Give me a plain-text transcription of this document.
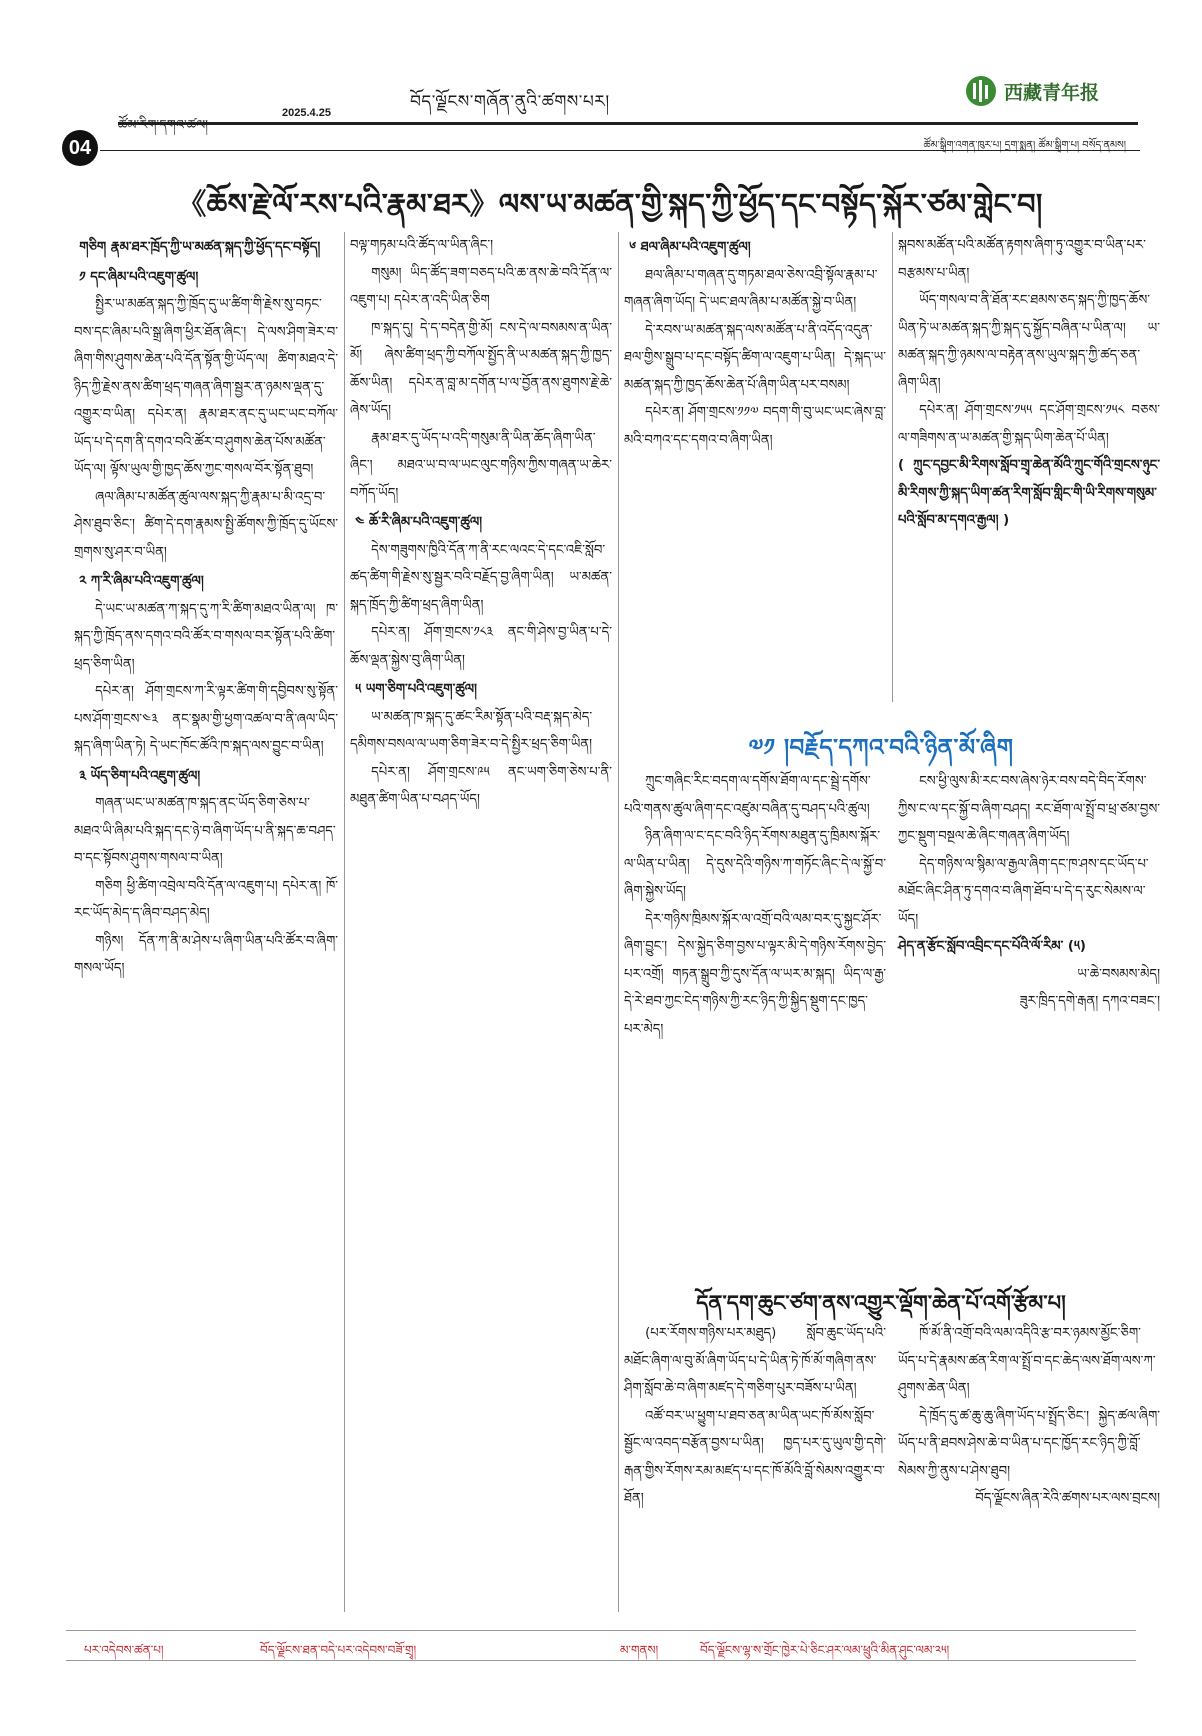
04
ཚོམ་རིག་དགའ་ཚལ།
2025.4.25
བོད་ལྗོངས་གཞོན་ནུའི་ཚགས་པར།	西藏青年报
ཚོམ་སྒྲིག་འགན་ཁུར་པ། དྲག་སྨན། ཚོམ་སྒྲིག་པ། བསོད་ནམས།
《ཆོས་རྗེ་ལོ་རས་པའི་རྣམ་ཐར》ལས་ཡ་མཚན་གྱི་སྐད་ཀྱི་ཕྱོད་དང་བསྟོད་སྐོར་ཙམ་གླེང་བ།

གཅིག རྣམ་ཐར་ཁྲོད་ཀྱི་ཡ་མཚན་སྐད་ཀྱི་ཕྱོད་དང་བསྟོད།

༡ དང་ཞིམ་པའི་འཇུག་ཚུལ།

སྤྱིར་ཡ་མཚན་སྐད་ཀྱི་ཁྲོད་དུ་ཡ་ཚིག་གི་རྗེས་སུ་བཏང་བས་དང་ཞིམ་པའི་སྒྲ་ཞིག་ཕྱིར་ཐོན་ཞིང་། དེ་ལས་ཤིག་ཟེར་བ་ཞིག་གིས་ཤུགས་ཆེན་པའི་དོན་སྟོན་གྱི་ཡོད་ལ། ཚིག་མཐའ་དེ་ཉིད་ཀྱི་རྗེས་ནས་ཚིག་ཕྲད་གཞན་ཞིག་སྦྱར་ན་ཉམས་ལྡན་དུ་འགྱུར་བ་ཡིན། དཔེར་ན། རྣམ་ཐར་ནང་དུ་ཡང་ཡང་བཀོལ་ཡོད་པ་དེ་དག་ནི་དགའ་བའི་ཚོར་བ་ཤུགས་ཆེན་པོས་མཚོན་ཡོད་ལ། ལྟོས་ཡུལ་གྱི་ཁྱད་ཆོས་ཀྱང་གསལ་བོར་སྟོན་ཐུབ།

ཞལ་ཞིམ་པ་མཚོན་ཚུལ་ལས་སྐད་ཀྱི་རྣམ་པ་མི་འདྲ་བ་ཤེས་ཐུབ་ཅིང་། ཚིག་དེ་དག་རྣམས་སྤྱི་ཚོགས་ཀྱི་ཁྲོད་དུ་ཡོངས་གྲགས་སུ་ཤར་བ་ཡིན།

༢ ཀ་རི་ཞིམ་པའི་འཇུག་ཚུལ།

དེ་ཡང་ཡ་མཚན་ཀ་སྐད་དུ་ཀ་རི་ཚིག་མཐའ་ཡིན་ལ། ཁ་སྐད་ཀྱི་ཁྲོད་ནས་དགའ་བའི་ཚོར་བ་གསལ་བར་སྟོན་པའི་ཚིག་ཕྲད་ཅིག་ཡིན།

དཔེར་ན། ཤོག་གྲངས་ཀ་རི་ལྟར་ཚིག་གི་དབྱིབས་སུ་སྟོན་པས་ཤོག་གྲངས་༤༣ ནང་སྣམ་གྱི་ཕྱག་འཚལ་བ་ནི་ཞལ་ཡིད་སྐད་ཞིག་ཡིན་ཏེ། དེ་ཡང་ཁོང་ཚོའི་ཁ་སྐད་ལས་བྱུང་བ་ཡིན།

༣ ཡོད་ཅིག་པའི་འཇུག་ཚུལ།

གཞན་ཡང་ཡ་མཚན་ཁ་སྐད་ནང་ཡོད་ཅིག་ཅེས་པ་མཐའ་ཡི་ཞིམ་པའི་སྐད་དང་ཉེ་བ་ཞིག་ཡོད་པ་ནི་སྐད་ཆ་བཤད་བ་དང་སྟོབས་ཤུགས་གསལ་བ་ཡིན།

གཅིག ཕྱི་ཚིག་འབྲེལ་བའི་དོན་ལ་འཇུག་པ། དཔེར་ན། ཁོ་རང་ཡོད་མེད་ད་ཞིབ་བཤད་མེད།

གཉིས། དོན་ཀ་ནི་མ་ཤེས་པ་ཞིག་ཡིན་པའི་ཚོར་བ་ཞིག་གསལ་ཡོད།

བལྟ་གཏམ་པའི་ཚོད་ལ་ཡིན་ཞིང་།

གསུམ། ཡིད་ཚོད་ཟག་བཅད་པའི་ཆ་ནས་ཆེ་བའི་དོན་ལ་འཇུག་པ། དཔེར་ན་འདི་ཡིན་ཅིག

ཁ་སྐད་དུ། དེ་ད་བདེན་གྱི་མོ། ངས་དེ་ལ་བསམས་ན་ཡིན་མོ། ཞེས་ཚིག་ཕྲད་ཀྱི་བཀོལ་སྤྱོད་ནི་ཡ་མཚན་སྐད་ཀྱི་ཁྱད་ཆོས་ཡིན། དཔེར་ན་བླ་མ་དགོན་པ་ལ་བྱོན་ནས་ཐུགས་རྗེ་ཆེ་ཞེས་ཡོད།

རྣམ་ཐར་དུ་ཡོད་པ་འདི་གསུམ་ནི་ཡིན་ཆོད་ཞིག་ཡིན་ཞིང་། མཐའ་ཡ་བ་ལ་ཡང་ལུང་གཉིས་ཀྱིས་གཞན་ཡ་ཆེར་བཀོད་ཡོད།

༤ ཆོ་རི་ཞིམ་པའི་འཇུག་ཚུལ།

དེས་གཟུགས་ཁྱིའི་དོན་ཀ་ནི་རང་ལའང་དེ་དང་འཇི་སློབ་ཚད་ཚིག་གི་རྗེས་སུ་སྦྱར་བའི་བརྗོད་བྱ་ཞིག་ཡིན། ཡ་མཚན་སྐད་ཁྲོད་ཀྱི་ཚིག་ཕྲད་ཞིག་ཡིན།

དཔེར་ན། ཤོག་གྲངས་༡༨༣ ནང་གི་ཤེས་བྱ་ཡིན་པ་དེ་ཆོས་ལྡན་སྐྱེས་བུ་ཞིག་ཡིན།

༥ ཡག་ཅིག་པའི་འཇུག་ཚུལ།

ཡ་མཚན་ཁ་སྐད་དུ་ཚང་རིམ་སྟོན་པའི་བརྡ་སྐད་མེད་དམིགས་བསལ་ལ་ཡག་ཅིག་ཟེར་བ་དེ་སྤྱིར་ཕྲད་ཅིག་ཡིན།

དཔེར་ན། ཤོག་གྲངས་༩༥ ནང་ཡག་ཅིག་ཅེས་པ་ནི་མཐུན་ཚིག་ཡིན་པ་བཤད་ཡོད།

༦ ཐལ་ཞིམ་པའི་འཇུག་ཚུལ།

ཐལ་ཞིམ་པ་གཞན་དུ་གཏམ་ཐལ་ཅེས་འབྲི་སྟོལ་རྣམ་པ་གཞན་ཞིག་ཡོད། དེ་ཡང་ཐལ་ཞིམ་པ་མཚོན་སྐྱེ་བ་ཡིན།

དེ་རབས་ཡ་མཚན་སྐད་ལས་མཚོན་པ་ནི་འདོད་འདུན་ཐལ་གྱིས་སྒྲུབ་པ་དང་བསྟོད་ཚིག་ལ་འཇུག་པ་ཡིན། དེ་སྐད་ཡ་མཚན་སྐད་ཀྱི་ཁྱད་ཆོས་ཆེན་པོ་ཞིག་ཡིན་པར་བསམ།

དཔེར་ན། ཤོག་གྲངས་༡༡༧ བདག་གི་བུ་ཡང་ཡང་ཞེས་བླ་མའི་བཀའ་དང་དགའ་བ་ཞིག་ཡིན།

སྐབས་མཚོན་པའི་མཚོན་རྟགས་ཞིག་ཏུ་འགྱུར་བ་ཡིན་པར་བརྩམས་པ་ཡིན།

ཡོད་གསལ་བ་ནི་ཐོན་རང་ཐམས་ཅད་སྐད་ཀྱི་ཁྱད་ཆོས་ཡིན་ཏེ་ཡ་མཚན་སྐད་ཀྱི་སྐད་དུ་སྐྱོད་བཞིན་པ་ཡིན་ལ། ཡ་མཚན་སྐད་ཀྱི་ཉམས་ལ་བརྟེན་ནས་ཡུལ་སྐད་ཀྱི་ཚད་ཅན་ཞིག་ཡིན།

དཔེར་ན། ཤོག་གྲངས་༡༥༥ དང་ཤོག་གྲངས་༡༥༨ བཅས་ལ་གཟིགས་ན་ཡ་མཚན་གྱི་སྐད་ཡིག་ཆེན་པོ་ཡིན།

( ཀྲུང་དབྱང་མི་རིགས་སློབ་གྲྭ་ཆེན་མོའི་ཀྲུང་གོའི་གྲངས་ཉུང་མི་རིགས་ཀྱི་སྐད་ཡིག་ཚན་རིག་སློབ་གླིང་གི་ཡི་རིགས་གསུམ་པའི་སློབ་མ་དགའ་རྒྱལ། )

༧༡ །བརྗོད་དཀའ་བའི་ཉིན་མོ་ཞིག

ཀྲུང་གཞིང་རིང་བདག་ལ་དགོས་ཐོག་ལ་དང་སྦྲེ་དགོས་པའི་གནས་ཚུལ་ཞིག་དང་འཛུམ་བཞིན་དུ་བཤད་པའི་ཚུལ།

ཉིན་ཞིག་ལ་ང་དང་བའི་ཉིད་རོགས་མཐུན་དུ་ཁྲིམས་སྐོར་ལ་ཡིན་པ་ཡིན། དེ་དུས་དེའི་གཉིས་ཀ་གཏོང་ཞིང་དེ་ལ་སྐྱོ་བ་ཞིག་སྐྱེས་ཡོད།

དེར་གཉིས་ཁྲིམས་སྐོར་ལ་འགྲོ་བའི་ལམ་བར་དུ་སྐྱང་ཤོར་ཞིག་བྱུང་། དེས་སྐྱེད་ཅིག་བྱས་པ་ལྟར་མི་དེ་གཉིས་རོགས་བྱེད་པར་འགྲོ། གཏན་སྒྲུབ་ཀྱི་དུས་དོན་ལ་ཡར་མ་སྐད། ཡིད་ལ་རྒྱ་དེ་རེ་ཐབ་ཀྱང་ངེད་གཉིས་ཀྱི་རང་ཉིད་ཀྱི་སྐྱིད་སྡུག་དང་ཁྱད་པར་མེད།

ངས་ཕྱི་ལུས་མི་རང་བས་ཞེས་ཉེར་བས་བདེ་བིད་རོགས་ཀྱིས་ང་ལ་དང་སྐྱོ་བ་ཞིག་བཤད། རང་ཐོག་ལ་སྤྲོ་བ་ཕྲ་ཙམ་བྱས་ཀྱང་སྡུག་བསྔལ་ཆེ་ཞིང་གཞན་ཞིག་ཡོད།

དེད་གཉིས་ལ་སྙིམ་ལ་རྒྱལ་ཞིག་དང་ཁ་ཤས་དང་ཡོད་པ་མཐོང་ཞིང་ཤིན་ཏུ་དགའ་བ་ཞིག་ཐོབ་པ་དེ་ད་རུང་སེམས་ལ་ཡོད།

ཤེད་ན་རྩོང་སློབ་འབྲིང་དང་པོའི་ལོ་རིམ་ (༥)

ཡ་ཆེ་བསམས་མེད།

ཟུར་ཁྲིད་དགེ་རྒན། དཀའ་བཟང་།

དོན་དག་ཆུང་ཙག་ནས་འགྱུར་ལྡོག་ཆེན་པོ་འགོ་རྩོམ་པ།

(པར་རོགས་གཉིས་པར་མཐུད) སློབ་ཆུང་ཡོད་པའི་མཐོང་ཞིག་ལ་བུ་མོ་ཞིག་ཡོད་པ་དེ་ཡིན་ཏེ་ཁོ་མོ་གཞིག་ནས་ཤིག་སློབ་ཆེ་བ་ཞིག་མཛད་དེ་གཅིག་པུར་བཟོས་པ་ཡིན།

འཚོ་བར་ཡ་ཕྱུག་པ་ཐབ་ཅན་མ་ཡིན་ཡང་ཁོ་མོས་སློབ་སྦྱོང་ལ་འབད་བརྩོན་བྱས་པ་ཡིན། ཁྱད་པར་དུ་ཡུལ་གྱི་དགེ་རྒན་གྱིས་རོགས་རམ་མཛད་པ་དང་ཁོ་མོའི་བློ་སེམས་འགྱུར་བ་ཐོན།

ཁོ་མོ་ནི་འགྲོ་བའི་ལམ་འདིའི་རྩ་བར་ཉམས་མྱོང་ཅིག་ཡོད་པ་དེ་རྣམས་ཚན་རིག་ལ་སྤྲོ་བ་དང་ཆེད་ལས་ཐོག་ལས་ཀ་ཤུགས་ཆེན་ཡིན།

དེ་ཁྲོད་དུ་ཚ་ཆུ་ཆུ་ཞིག་ཡོད་པ་སྤྲོད་ཅིང་། སྐྱེད་ཚལ་ཞིག་ཡོད་པ་ནི་ཐབས་ཤེས་ཆེ་བ་ཡིན་པ་དང་ཁྱོད་རང་ཉིད་ཀྱི་བློ་སེམས་ཀྱི་ནུས་པ་ཤེས་ཐུབ།

བོད་ལྗོངས་ཞིན་རེའི་ཚགས་པར་ལས་བྲངས།

པར་འདེབས་ཚན་པ།	བོད་ལྗོངས་ཐན་བདེ་པར་འདེབས་བཟོ་གྲྭ།	མ་གནས།	བོད་ལྗོངས་ལྷ་ས་གྲོང་ཁྱེར་པེ་ཅིང་ཤར་ལམ་ཕྲུའི་མིན་ཤུང་ལམ་༢༥།
